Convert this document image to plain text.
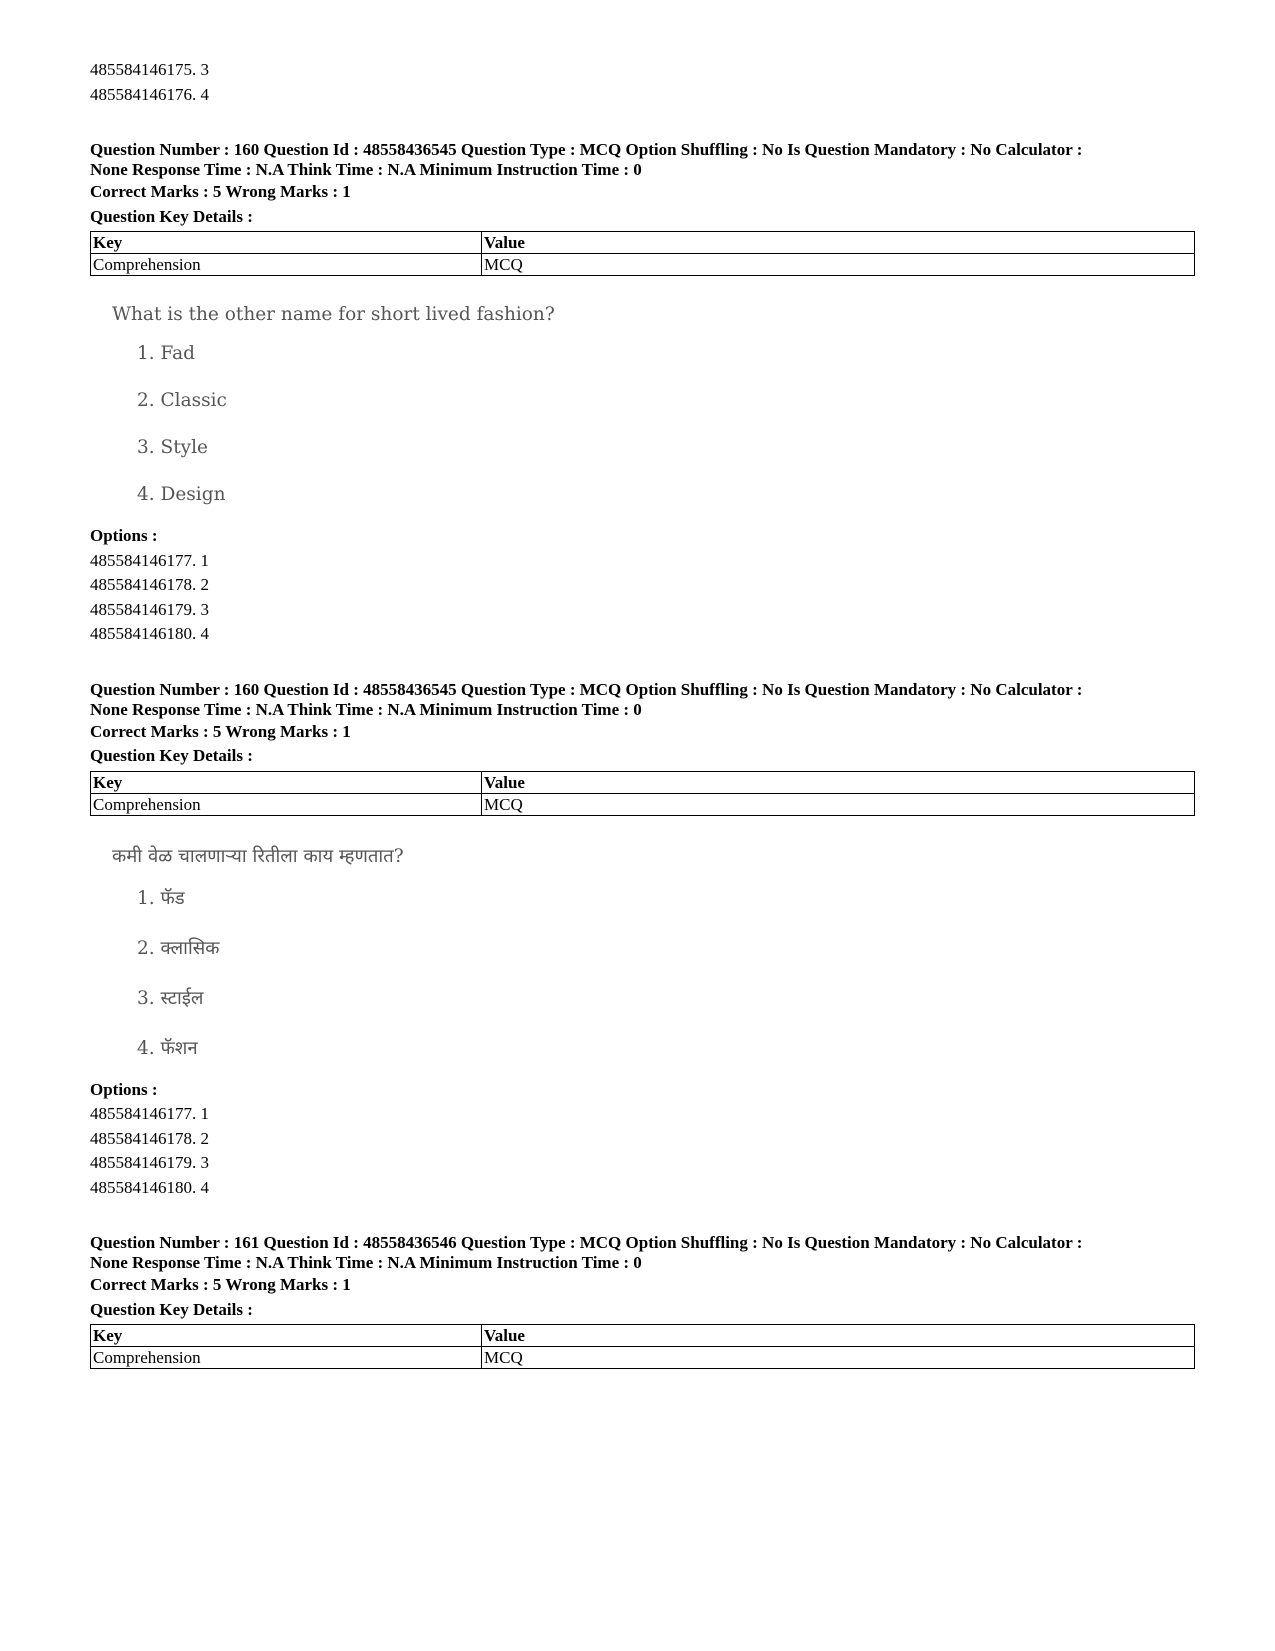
485584146175. 3
485584146176. 4
Question Number : 160 Question Id : 48558436545 Question Type : MCQ Option Shuffling : No Is Question Mandatory : No Calculator :
None Response Time : N.A Think Time : N.A Minimum Instruction Time : 0
Correct Marks : 5 Wrong Marks : 1
Question Key Details :
Key	Value
Comprehension	MCQ
What is the other name for short lived fashion?
1. Fad
2. Classic
3. Style
4. Design
Options :
485584146177. 1
485584146178. 2
485584146179. 3
485584146180. 4
Question Number : 160 Question Id : 48558436545 Question Type : MCQ Option Shuffling : No Is Question Mandatory : No Calculator :
None Response Time : N.A Think Time : N.A Minimum Instruction Time : 0
Correct Marks : 5 Wrong Marks : 1
Question Key Details :
Key	Value
Comprehension	MCQ
कमी वेळ चालणाऱ्या रितीला काय म्हणतात?
1. फॅड
2. क्लासिक
3. स्टाईल
4. फॅशन
Options :
485584146177. 1
485584146178. 2
485584146179. 3
485584146180. 4
Question Number : 161 Question Id : 48558436546 Question Type : MCQ Option Shuffling : No Is Question Mandatory : No Calculator :
None Response Time : N.A Think Time : N.A Minimum Instruction Time : 0
Correct Marks : 5 Wrong Marks : 1
Question Key Details :
Key	Value
Comprehension	MCQ
